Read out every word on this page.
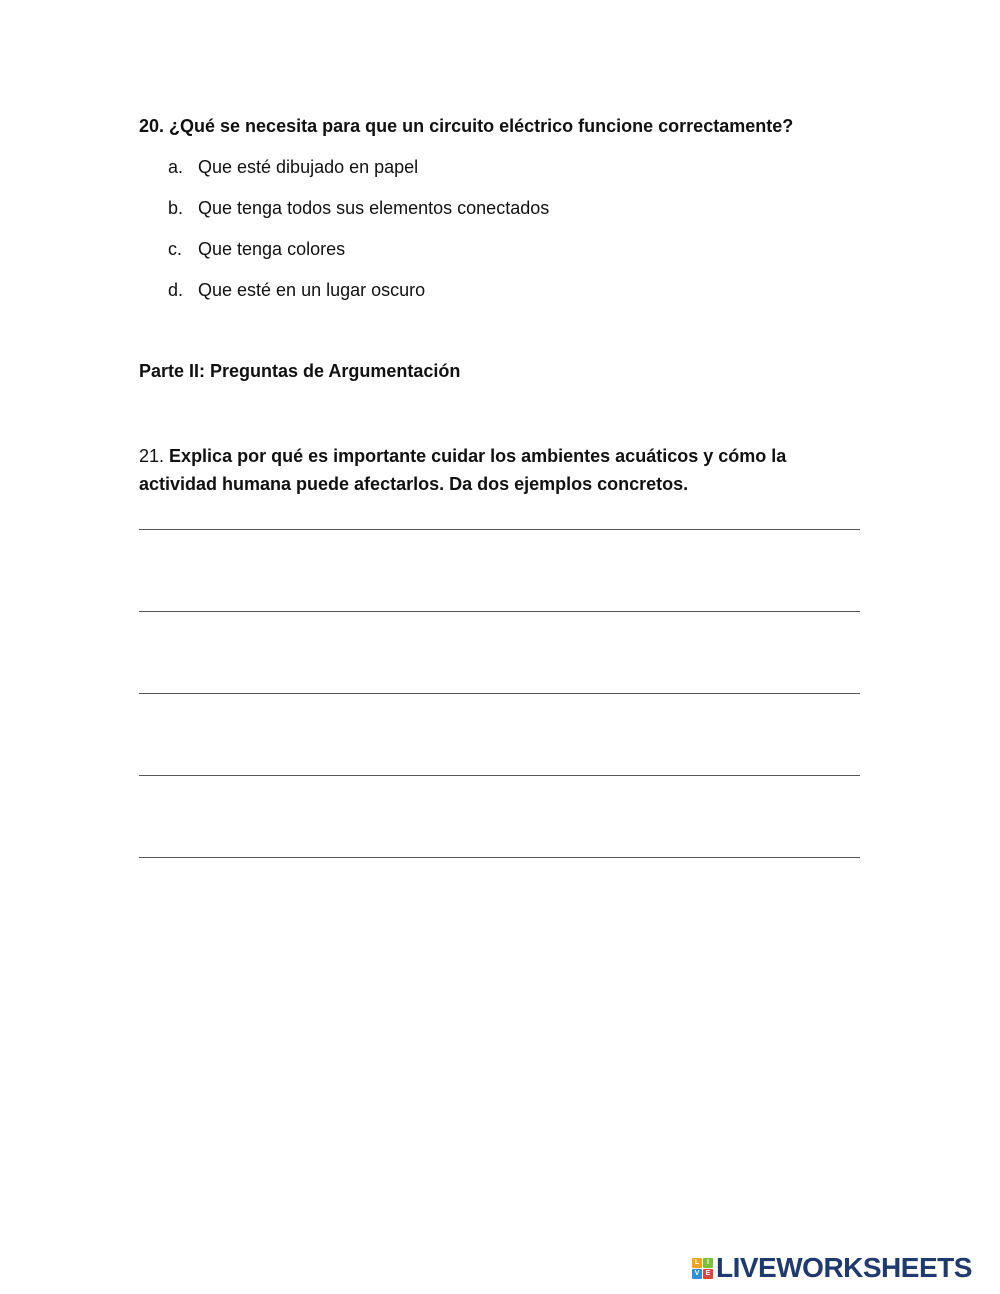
20. ¿Qué se necesita para que un circuito eléctrico funcione correctamente?
a. Que esté dibujado en papel
b. Que tenga todos sus elementos conectados
c. Que tenga colores
d. Que esté en un lugar oscuro
Parte II: Preguntas de Argumentación
21. Explica por qué es importante cuidar los ambientes acuáticos y cómo la actividad humana puede afectarlos. Da dos ejemplos concretos.
L	I
V E LIVEWORKSHEETS
